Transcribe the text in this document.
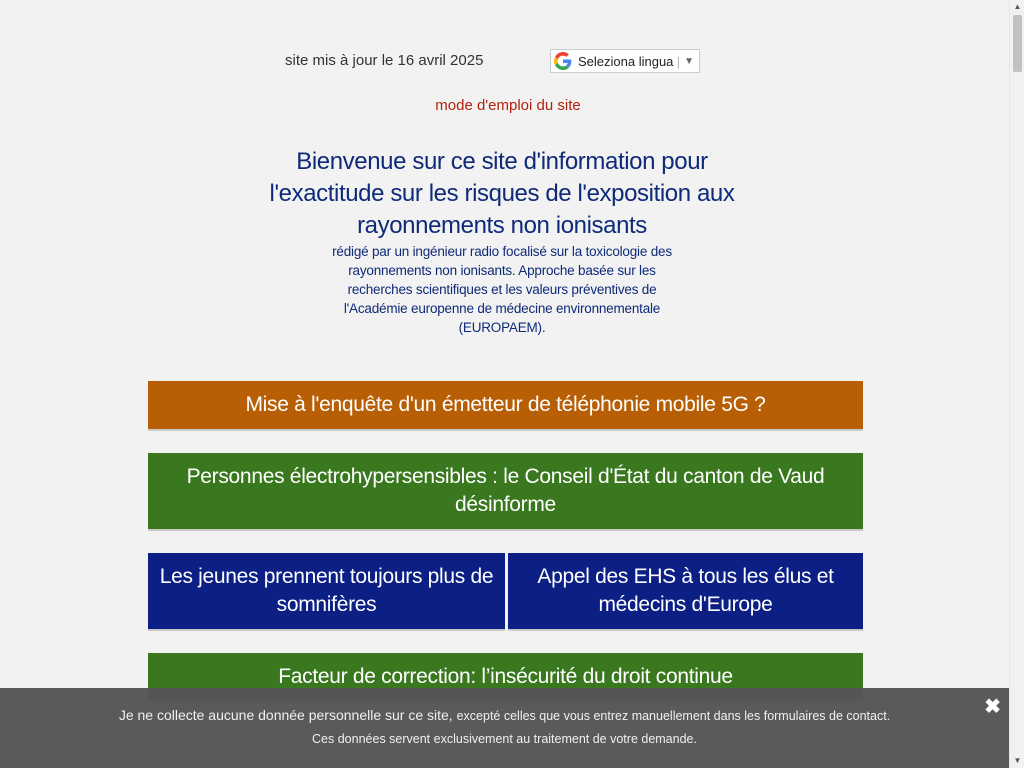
site mis à jour le 16 avril 2025	Seleziona lingua | ▼
mode d'emploi du site
Bienvenue sur ce site d'information pour l'exactitude sur les risques de l'exposition aux rayonnements non ionisants
rédigé par un ingénieur radio focalisé sur la toxicologie des rayonnements non ionisants. Approche basée sur les recherches scientifiques et les valeurs préventives de l'Académie europenne de médecine environnementale (EUROPAEM).
Mise à l'enquête d'un émetteur de téléphonie mobile 5G ?
Personnes électrohypersensibles : le Conseil d'État du canton de Vaud désinforme
Les jeunes prennent toujours plus de somnifères
Appel des EHS à tous les élus et médecins d'Europe
Facteur de correction: l’insécurité du droit continue
Je ne collecte aucune donnée personnelle sur ce site, excepté celles que vous entrez manuellement dans les formulaires de contact.
Ces données servent exclusivement au traitement de votre demande.
✖
▲
▼
